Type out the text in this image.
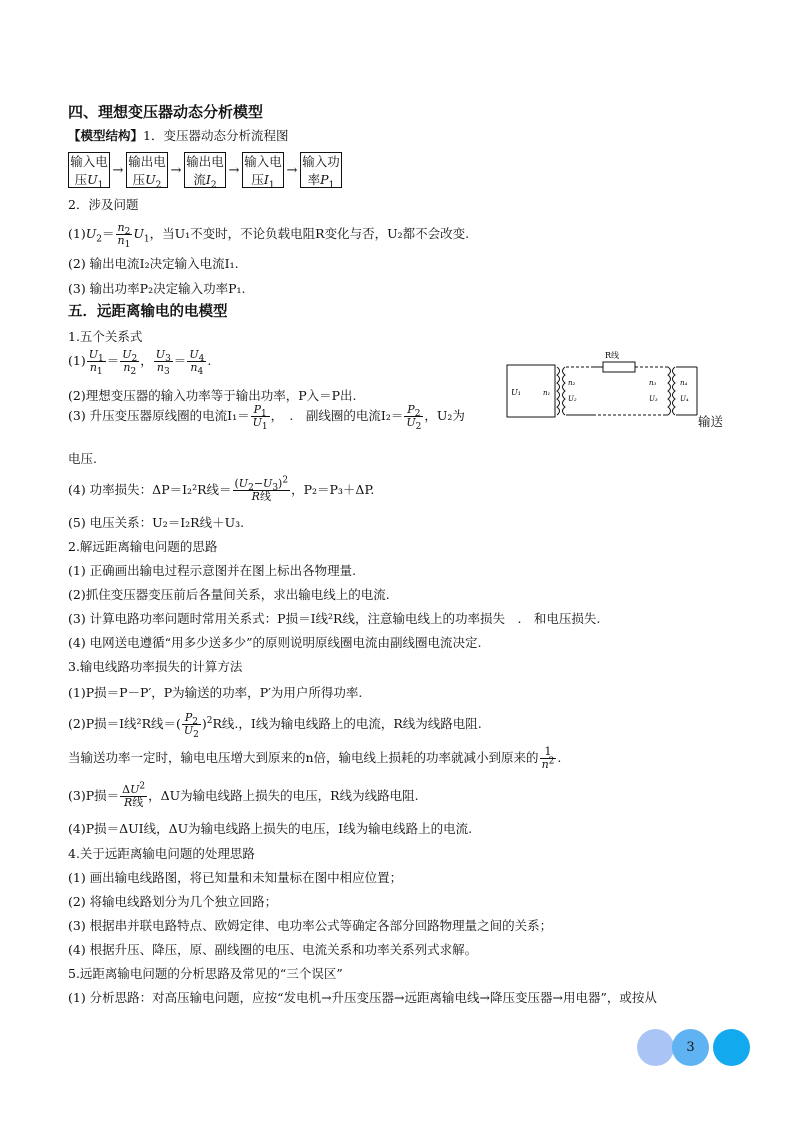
四、理想变压器动态分析模型
【模型结构】1．变压器动态分析流程图
输入电
压$U_1$
→
输出电
压$U_2$
→
输出电
流$I_2$
→
输入电
压$I_1$
→
输入功
率$P_1$
2．涉及问题
$(1)U_2= \frac{n_2}{n_1} U_1$，当U₁不变时，不论负载电阻R变化与否，U₂都不会改变.
(2) 输出电流I₂决定输入电流I₁.
(3) 输出功率P₂决定输入功率P₁.
五．远距离输电的电模型
1.五个关系式
$(1) \frac{U_1}{n_1} = \frac{U_2}{n_2}$ ， $\frac{U_3}{n_3} = \frac{U_4}{n_4}$ .
(2)理想变压器的输入功率等于输出功率，P入＝P出.
(3) 升压变压器原线圈的电流$I_1= \frac{P_1}{U_1}$ ，　.　副线圈的电流$I_2= \frac{P_2}{U_2}$ ，U₂为	输送
电压.
(4) 功率损失：ΔP＝I₂²R线＝ $\frac{(U_2-U_3)^2}{\text{R线}}$ ，P₂＝P₃＋ΔP.
(5) 电压关系：U₂＝I₂R线＋U₃.
R线
U₁	n₁
n₂
U₂
n₃
U₃
n₄
U₄
2.解远距离输电问题的思路
(1) 正确画出输电过程示意图并在图上标出各物理量.
(2)抓住变压器变压前后各量间关系，求出输电线上的电流.
(3) 计算电路功率问题时常用关系式：P损＝I线²R线，注意输电线上的功率损失　.　和电压损失.
(4) 电网送电遵循“用多少送多少”的原则说明原线圈电流由副线圈电流决定.
3.输电线路功率损失的计算方法
(1)P损＝P－P′，P为输送的功率，P′为用户所得功率.
(2)P损＝I线²R线＝( $\frac{P_2}{U_2} )^2R$线.，I线为输电线路上的电流，R线为线路电阻.
当输送功率一定时，输电电压增大到原来的n倍，输电线上损耗的功率就减小到原来的 $\frac{1}{n^2}$ .
(3)P损＝ $\frac{\Delta U^2}{\text{R线}}$ ，ΔU为输电线路上损失的电压，R线为线路电阻.
(4)P损＝ΔUI线，ΔU为输电线路上损失的电压，I线为输电线路上的电流.
4.关于远距离输电问题的处理思路
(1) 画出输电线路图，将已知量和未知量标在图中相应位置；
(2) 将输电线路划分为几个独立回路；
(3) 根据串并联电路特点、欧姆定律、电功率公式等确定各部分回路物理量之间的关系；
(4) 根据升压、降压，原、副线圈的电压、电流关系和功率关系列式求解。
5.远距离输电问题的分析思路及常见的“三个误区”
(1) 分析思路：对高压输电问题，应按“发电机→升压变压器→远距离输电线→降压变压器→用电器”，或按从
3
